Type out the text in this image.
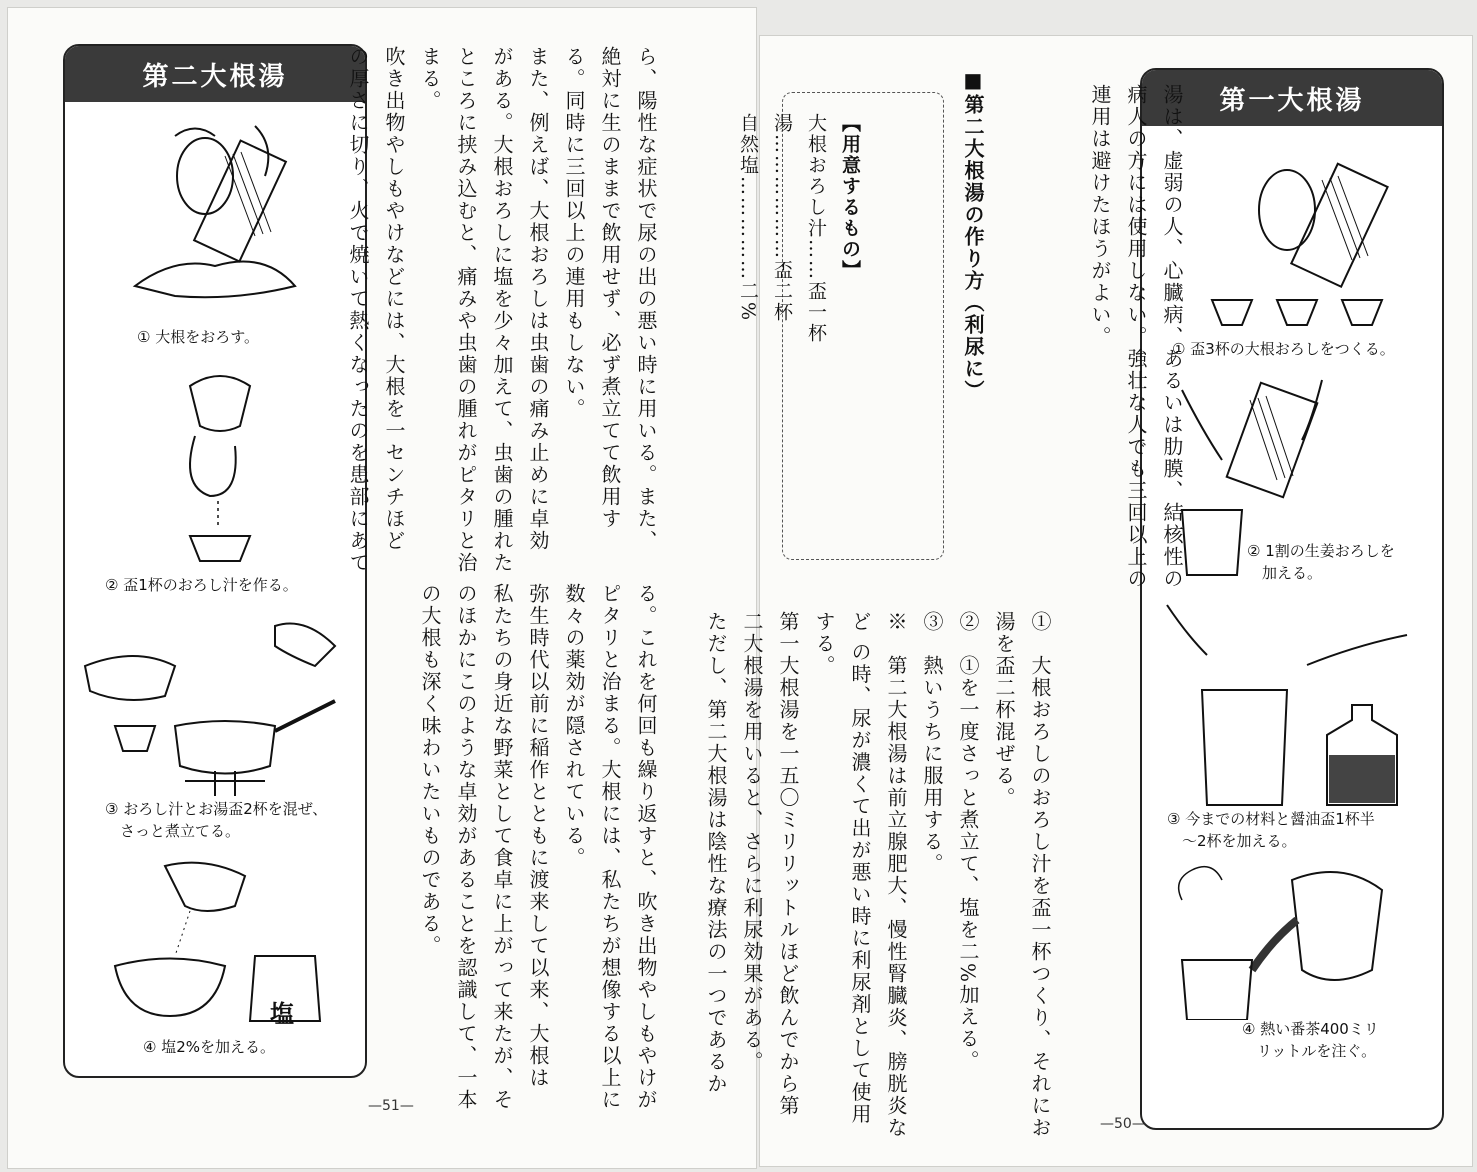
第二大根湯
① 大根をおろす。
② 盃1杯のおろし汁を作る。
③ おろし汁とお湯盃2杯を混ぜ、
　さっと煮立てる。
塩
④ 塩2%を加える。

ら、陽性な症状で尿の出の悪い時に用いる。また、
絶対に生のままで飲用せず、必ず煮立てて飲用す
る。同時に三回以上の連用もしない。
また、例えば、大根おろしは虫歯の痛み止めに卓効
がある。大根おろしに塩を少々加えて、虫歯の腫れた
ところに挟み込むと、痛みや虫歯の腫れがピタリと治
まる。
吹き出物やしもやけなどには、大根を一センチほど
の厚さに切り、火で焼いて熱くなったのを患部にあて

る。これを何回も繰り返すと、吹き出物やしもやけが
ピタリと治まる。大根には、私たちが想像する以上に
数々の薬効が隠されている。
弥生時代以前に稲作とともに渡来して以来、大根は
私たちの身近な野菜として食卓に上がって来たが、そ
のほかにこのような卓効があることを認識して、一本
の大根も深く味わいたいものである。

—51—
第一大根湯
① 盃3杯の大根おろしをつくる。
② 1割の生姜おろしを
　加える。
③ 今までの材料と醤油盃1杯半
　〜2杯を加える。
④ 熱い番茶400ミリ
　リットルを注ぐ。

湯は、虚弱の人、心臓病、あるいは肋膜、結核性の
病人の方には使用しない。強壮な人でも三回以上の
連用は避けたほうがよい。

■第二大根湯の作り方（利尿に）

【用意するもの】
大根おろし汁……盃一杯
湯………………盃二杯
自然塩……………二%

①　大根おろしのおろし汁を盃一杯つくり、それにお
湯を盃二杯混ぜる。
②　①を一度さっと煮立て、塩を二%加える。
③　熱いうちに服用する。
※　第二大根湯は前立腺肥大、慢性腎臓炎、膀胱炎な
ど の時、尿が濃くて出が悪い時に利尿剤として使用
する。
第一大根湯を一五〇ミリリットルほど飲んでから第
二大根湯を用いると、さらに利尿効果がある。
ただし、第二大根湯は陰性な療法の一つであるか

—50—
